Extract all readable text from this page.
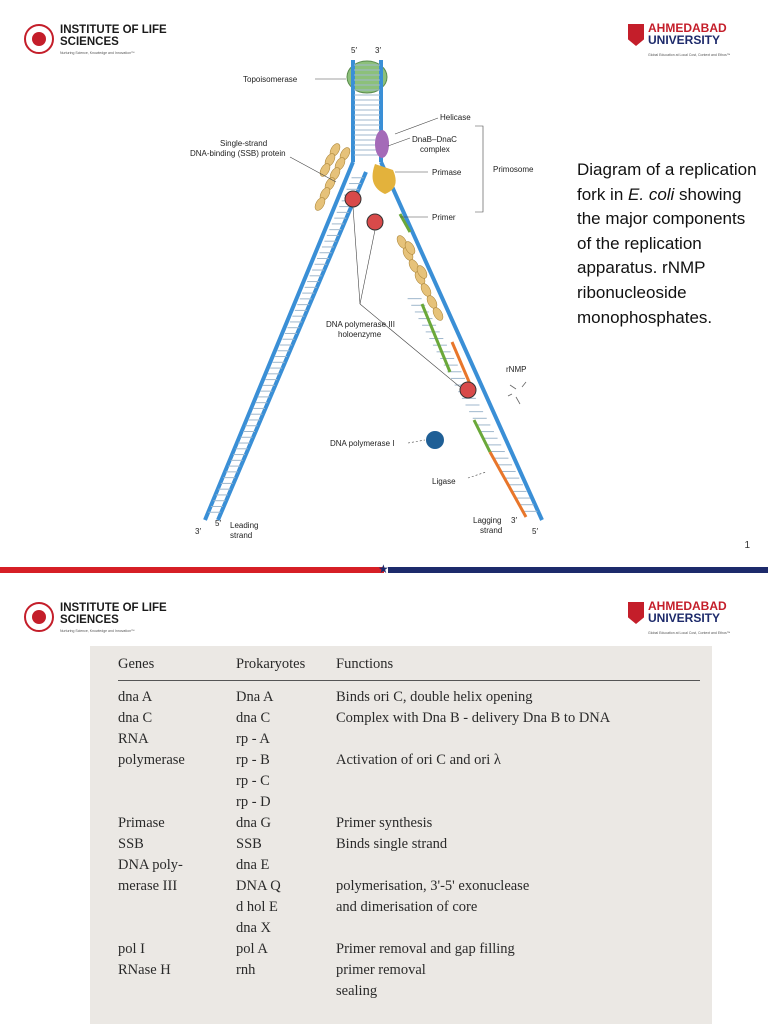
INSTITUTE OF LIFE SCIENCES
Nurturing Science, Knowledge and Innovation™
AHMEDABAD
UNIVERSITY
Global Education at Local Cost, Context and Ethos™
5′ 3′
Topoisomerase
Helicase
DnaB–DnaC
complex
Primase	Primosome
Single-strand
DNA-binding (SSB) protein
Primer
DNA polymerase III
holoenzyme
rNMP
DNA polymerase I
Ligase
3′
5′ Leading
strand
Lagging
strand
3′
5′
Diagram of a replication fork in E. coli showing the major components of the replication apparatus. rNMP ribonucleoside monophosphates.
1
★
INSTITUTE OF LIFE SCIENCES
Nurturing Science, Knowledge and Innovation™
AHMEDABAD
UNIVERSITY
Global Education at Local Cost, Context and Ethos™
Genes	Prokaryotes	Functions
dna A	Dna A	Binds ori C, double helix opening
dna C	dna C	Complex with Dna B - delivery Dna B to DNA
RNA	rp - A	
polymerase	rp - B	Activation of ori C and ori λ
	rp - C	
	rp - D	
Primase	dna G	Primer synthesis
SSB	SSB	Binds single strand
DNA poly-	dna E	
merase III	DNA Q	polymerisation, 3'-5' exonuclease
	d hol E	and dimerisation of core
	dna X	
pol I	pol A	Primer removal and gap filling
RNase H	rnh	primer removal
		sealing
